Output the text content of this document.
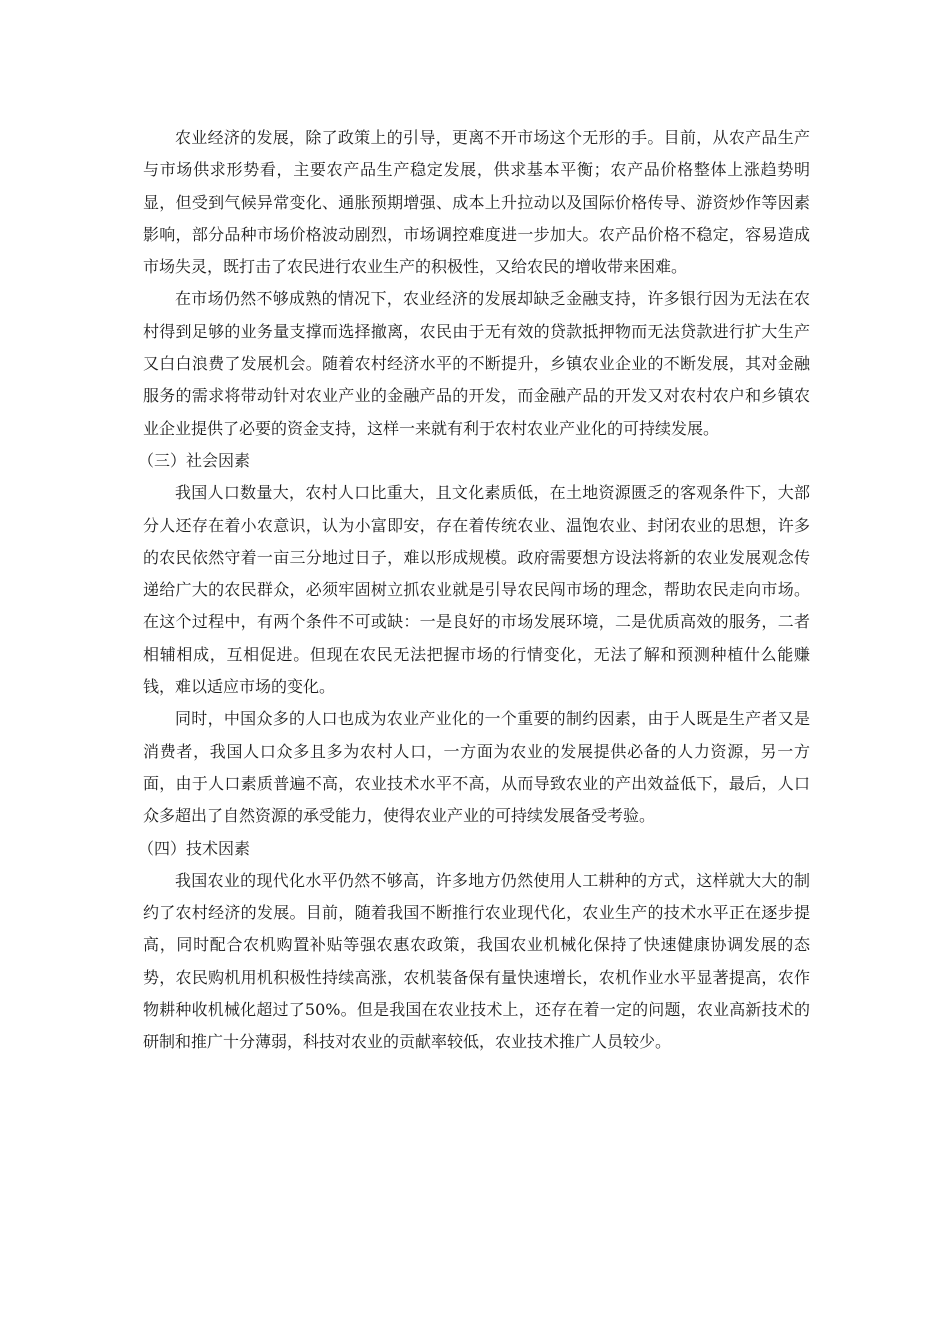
农业经济的发展，除了政策上的引导，更离不开市场这个无形的手。目前，从农产品生产与市场供求形势看，主要农产品生产稳定发展，供求基本平衡；农产品价格整体上涨趋势明显，但受到气候异常变化、通胀预期增强、成本上升拉动以及国际价格传导、游资炒作等因素影响，部分品种市场价格波动剧烈，市场调控难度进一步加大。农产品价格不稳定，容易造成市场失灵，既打击了农民进行农业生产的积极性，又给农民的增收带来困难。

在市场仍然不够成熟的情况下，农业经济的发展却缺乏金融支持，许多银行因为无法在农村得到足够的业务量支撑而选择撤离，农民由于无有效的贷款抵押物而无法贷款进行扩大生产又白白浪费了发展机会。随着农村经济水平的不断提升，乡镇农业企业的不断发展，其对金融服务的需求将带动针对农业产业的金融产品的开发，而金融产品的开发又对农村农户和乡镇农业企业提供了必要的资金支持，这样一来就有利于农村农业产业化的可持续发展。

（三）社会因素

我国人口数量大，农村人口比重大，且文化素质低，在土地资源匮乏的客观条件下，大部分人还存在着小农意识，认为小富即安，存在着传统农业、温饱农业、封闭农业的思想，许多的农民依然守着一亩三分地过日子，难以形成规模。政府需要想方设法将新的农业发展观念传递给广大的农民群众，必须牢固树立抓农业就是引导农民闯市场的理念，帮助农民走向市场。在这个过程中，有两个条件不可或缺：一是良好的市场发展环境，二是优质高效的服务，二者相辅相成，互相促进。但现在农民无法把握市场的行情变化，无法了解和预测种植什么能赚钱，难以适应市场的变化。

同时，中国众多的人口也成为农业产业化的一个重要的制约因素，由于人既是生产者又是消费者，我国人口众多且多为农村人口，一方面为农业的发展提供必备的人力资源，另一方面，由于人口素质普遍不高，农业技术水平不高，从而导致农业的产出效益低下，最后，人口众多超出了自然资源的承受能力，使得农业产业的可持续发展备受考验。

（四）技术因素

我国农业的现代化水平仍然不够高，许多地方仍然使用人工耕种的方式，这样就大大的制约了农村经济的发展。目前，随着我国不断推行农业现代化，农业生产的技术水平正在逐步提高，同时配合农机购置补贴等强农惠农政策，我国农业机械化保持了快速健康协调发展的态势，农民购机用机积极性持续高涨，农机装备保有量快速增长，农机作业水平显著提高，农作物耕种收机械化超过了50%。但是我国在农业技术上，还存在着一定的问题，农业高新技术的研制和推广十分薄弱，科技对农业的贡献率较低，农业技术推广人员较少。
